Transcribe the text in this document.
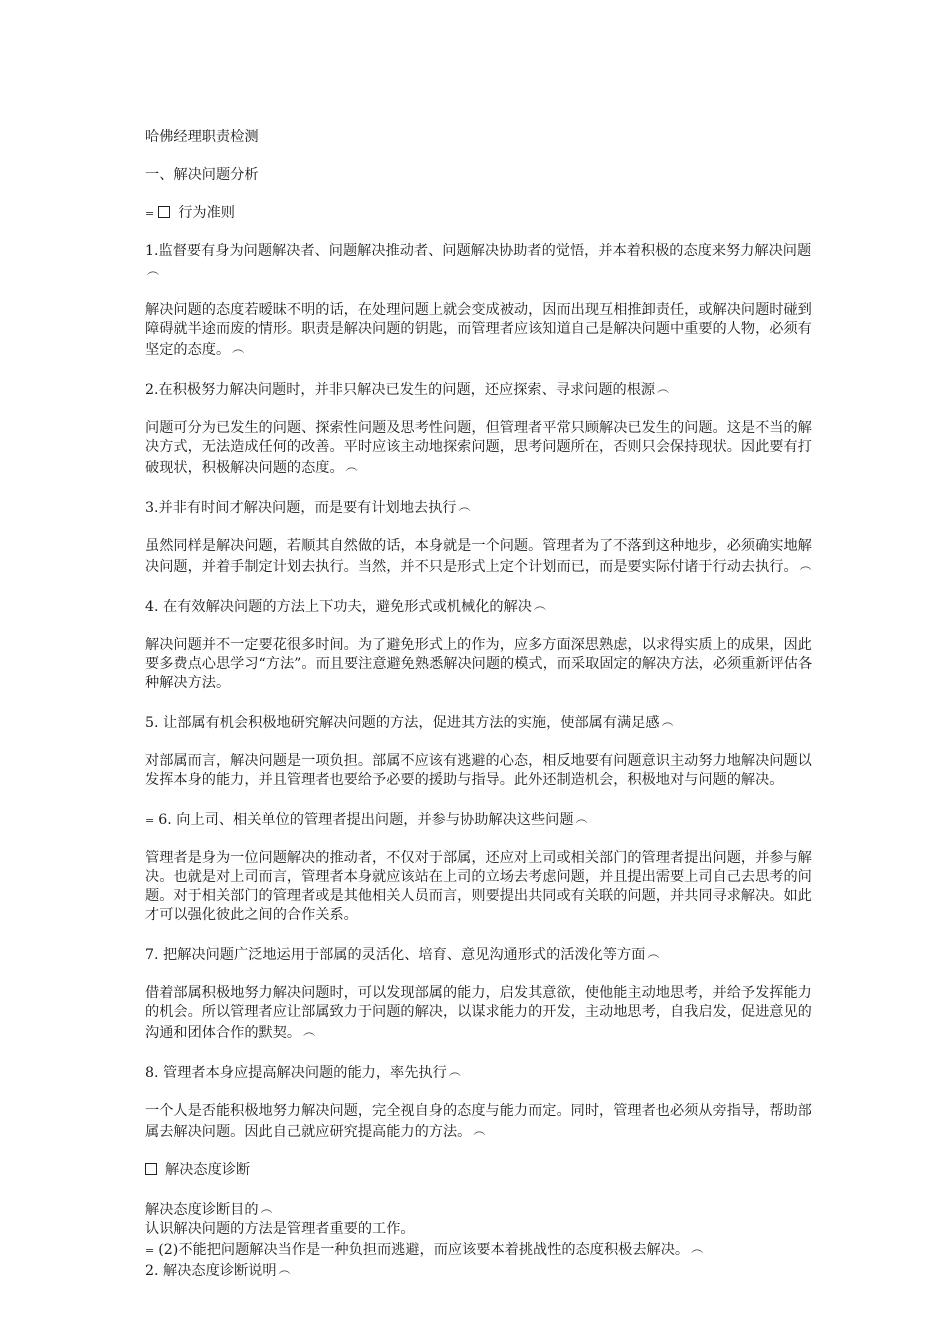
哈佛经理职责检测

一、解决问题分析

= 行为准则

1.监督要有身为问题解决者、问题解决推动者、问题解决协助者的觉悟，并本着积极的态度来努力解决问题︵

解决问题的态度若暧昧不明的话，在处理问题上就会变成被动，因而出现互相推卸责任，或解决问题时碰到障碍就半途而废的情形。职责是解决问题的钥匙，而管理者应该知道自己是解决问题中重要的人物，必须有坚定的态度。 ︵

2.在积极努力解决问题时，并非只解决已发生的问题，还应探索、寻求问题的根源 ︵

问题可分为已发生的问题、探索性问题及思考性问题，但管理者平常只顾解决已发生的问题。这是不当的解决方式，无法造成任何的改善。平时应该主动地探索问题，思考问题所在，否则只会保持现状。因此要有打破现状，积极解决问题的态度。 ︵

3.并非有时间才解决问题，而是要有计划地去执行 ︵

虽然同样是解决问题，若顺其自然做的话，本身就是一个问题。管理者为了不落到这种地步，必须确实地解决问题，并着手制定计划去执行。当然，并不只是形式上定个计划而已，而是要实际付诸于行动去执行。 ︵

4. 在有效解决问题的方法上下功夫，避免形式或机械化的解决 ︵

解决问题并不一定要花很多时间。为了避免形式上的作为，应多方面深思熟虑，以求得实质上的成果，因此要多费点心思学习“方法”。而且要注意避免熟悉解决问题的模式，而采取固定的解决方法，必须重新评估各种解决方法。

5. 让部属有机会积极地研究解决问题的方法，促进其方法的实施，使部属有满足感 ︵

对部属而言，解决问题是一项负担。部属不应该有逃避的心态，相反地要有问题意识主动努力地解决问题以发挥本身的能力，并且管理者也要给予必要的援助与指导。此外还制造机会，积极地对与问题的解决。

= 6. 向上司、相关单位的管理者提出问题，并参与协助解决这些问题 ︵

管理者是身为一位问题解决的推动者，不仅对于部属，还应对上司或相关部门的管理者提出问题，并参与解决。也就是对上司而言，管理者本身就应该站在上司的立场去考虑问题，并且提出需要上司自己去思考的问题。对于相关部门的管理者或是其他相关人员而言，则要提出共同或有关联的问题，并共同寻求解决。如此才可以强化彼此之间的合作关系。

7. 把解决问题广泛地运用于部属的灵活化、培育、意见沟通形式的活泼化等方面 ︵

借着部属积极地努力解决问题时，可以发现部属的能力，启发其意欲，使他能主动地思考，并给予发挥能力的机会。所以管理者应让部属致力于问题的解决，以谋求能力的开发，主动地思考，自我启发，促进意见的沟通和团体合作的默契。 ︵

8. 管理者本身应提高解决问题的能力，率先执行 ︵

一个人是否能积极地努力解决问题，完全视自身的态度与能力而定。同时，管理者也必须从旁指导，帮助部属去解决问题。因此自己就应研究提高能力的方法。 ︵

解决态度诊断

解决态度诊断目的 ︵

认识解决问题的方法是管理者重要的工作。

= (2)不能把问题解决当作是一种负担而逃避，而应该要本着挑战性的态度积极去解决。 ︵

2. 解决态度诊断说明 ︵
